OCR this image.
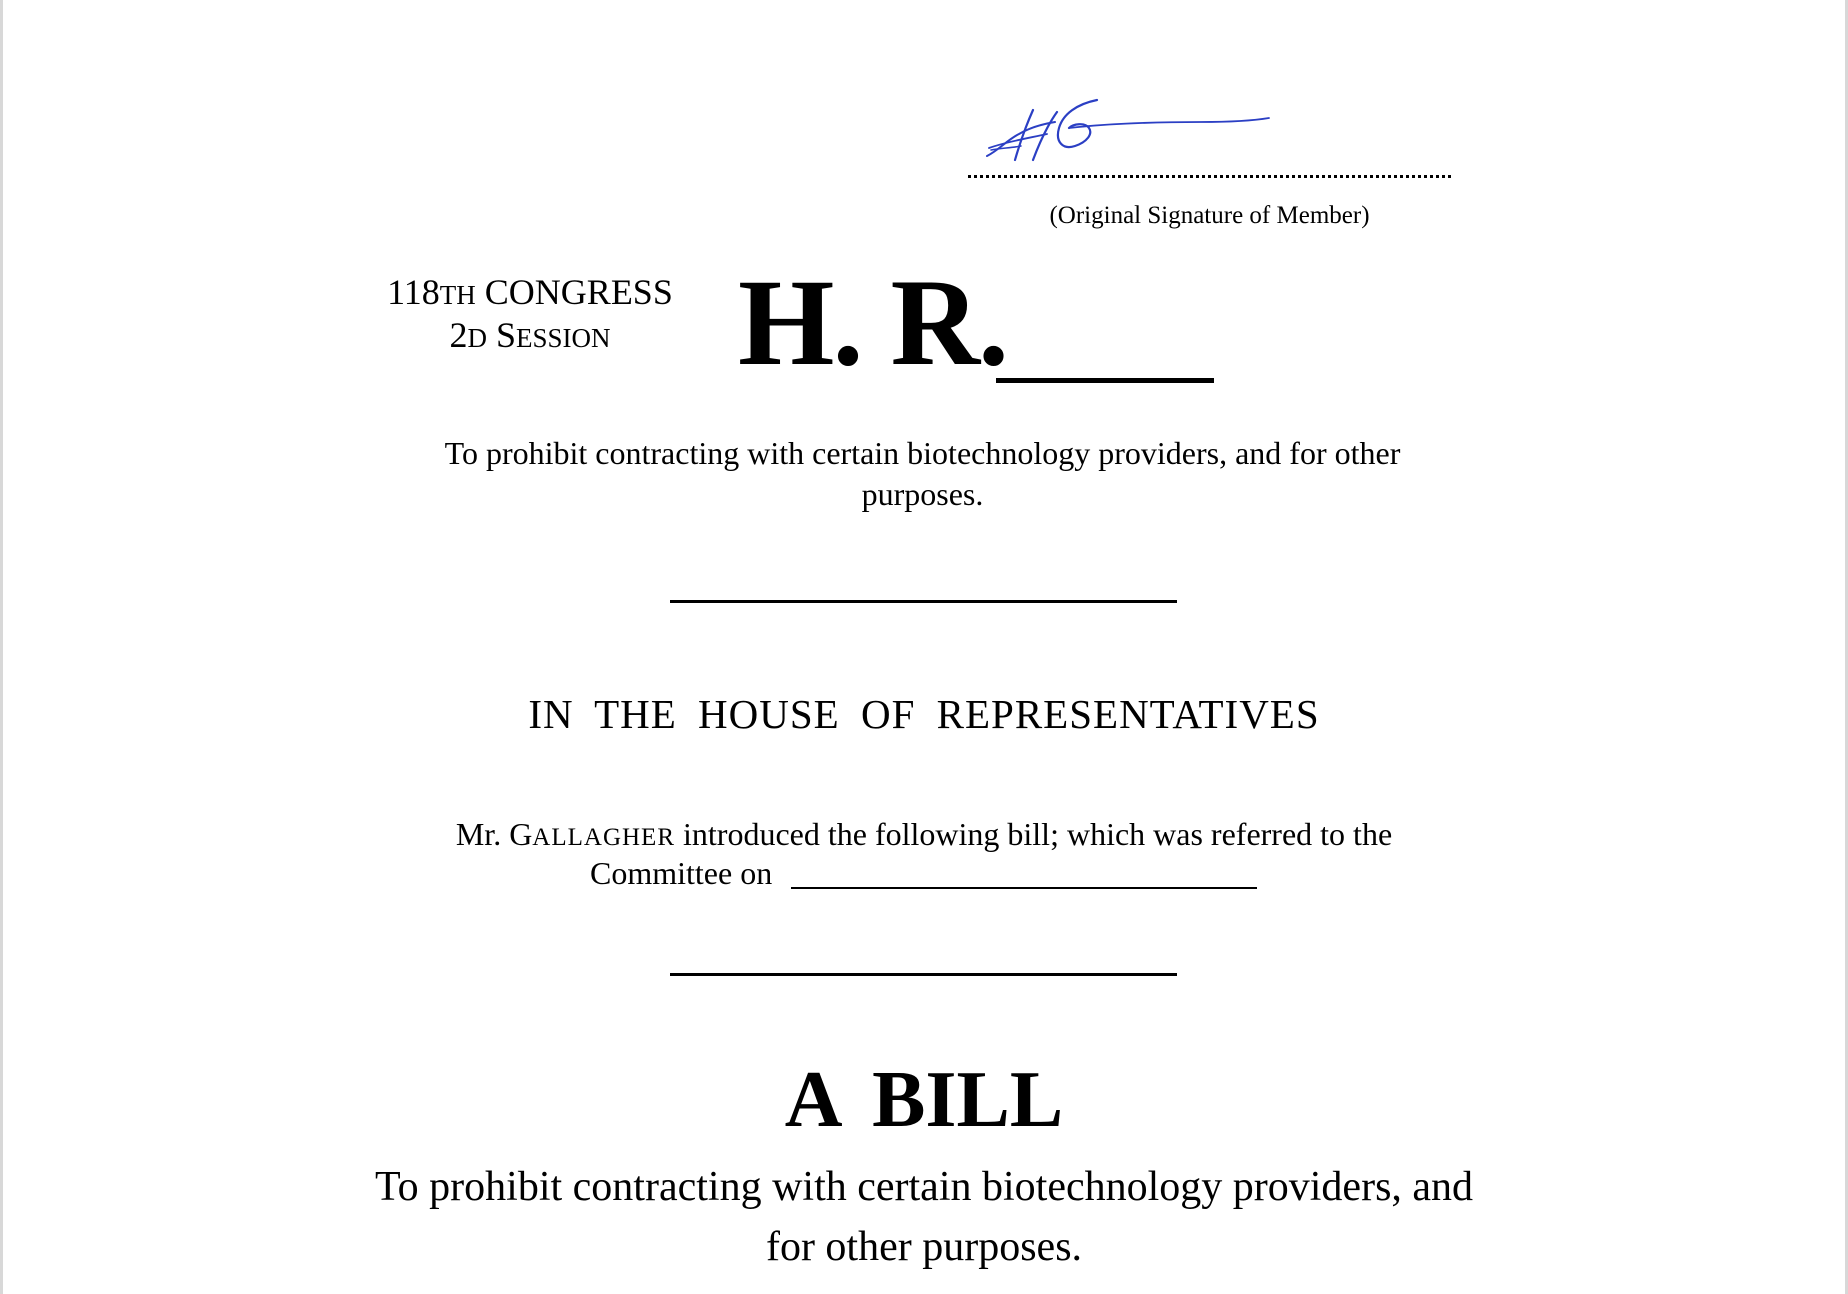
(Original Signature of Member)
118TH CONGRESS
2D SESSION	H. R.
To prohibit contracting with certain biotechnology providers, and for other purposes.
IN THE HOUSE OF REPRESENTATIVES
Mr. GALLAGHER introduced the following bill; which was referred to the
Committee on
A BILL
To prohibit contracting with certain biotechnology providers, and for other purposes.
